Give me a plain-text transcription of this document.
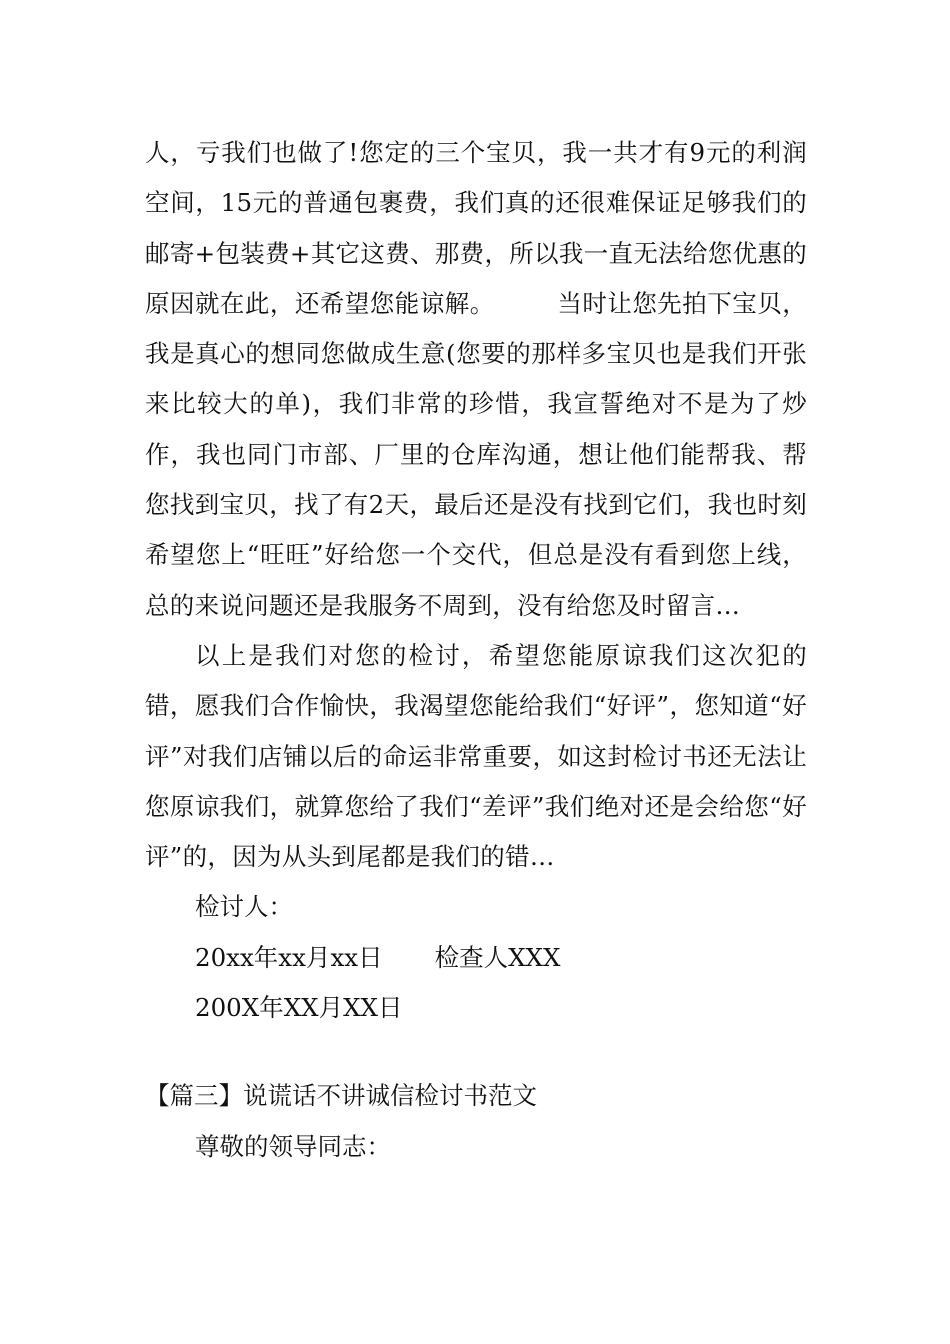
人，亏我们也做了!您定的三个宝贝，我一共才有9元的利润空间，15元的普通包裹费，我们真的还很难保证足够我们的邮寄+包装费+其它这费、那费，所以我一直无法给您优惠的原因就在此，还希望您能谅解。　　　当时让您先拍下宝贝，我是真心的想同您做成生意(您要的那样多宝贝也是我们开张来比较大的单)，我们非常的珍惜，我宣誓绝对不是为了炒作，我也同门市部、厂里的仓库沟通，想让他们能帮我、帮您找到宝贝，找了有2天，最后还是没有找到它们，我也时刻希望您上“旺旺”好给您一个交代，但总是没有看到您上线，总的来说问题还是我服务不周到，没有给您及时留言…

以上是我们对您的检讨，希望您能原谅我们这次犯的错，愿我们合作愉快，我渴望您能给我们“好评”，您知道“好评”对我们店铺以后的命运非常重要，如这封检讨书还无法让您原谅我们，就算您给了我们“差评”我们绝对还是会给您“好评”的，因为从头到尾都是我们的错…

检讨人：

20xx年xx月xx日 检查人XXX

200X年XX月XX日

【篇三】说谎话不讲诚信检讨书范文

尊敬的领导同志：
